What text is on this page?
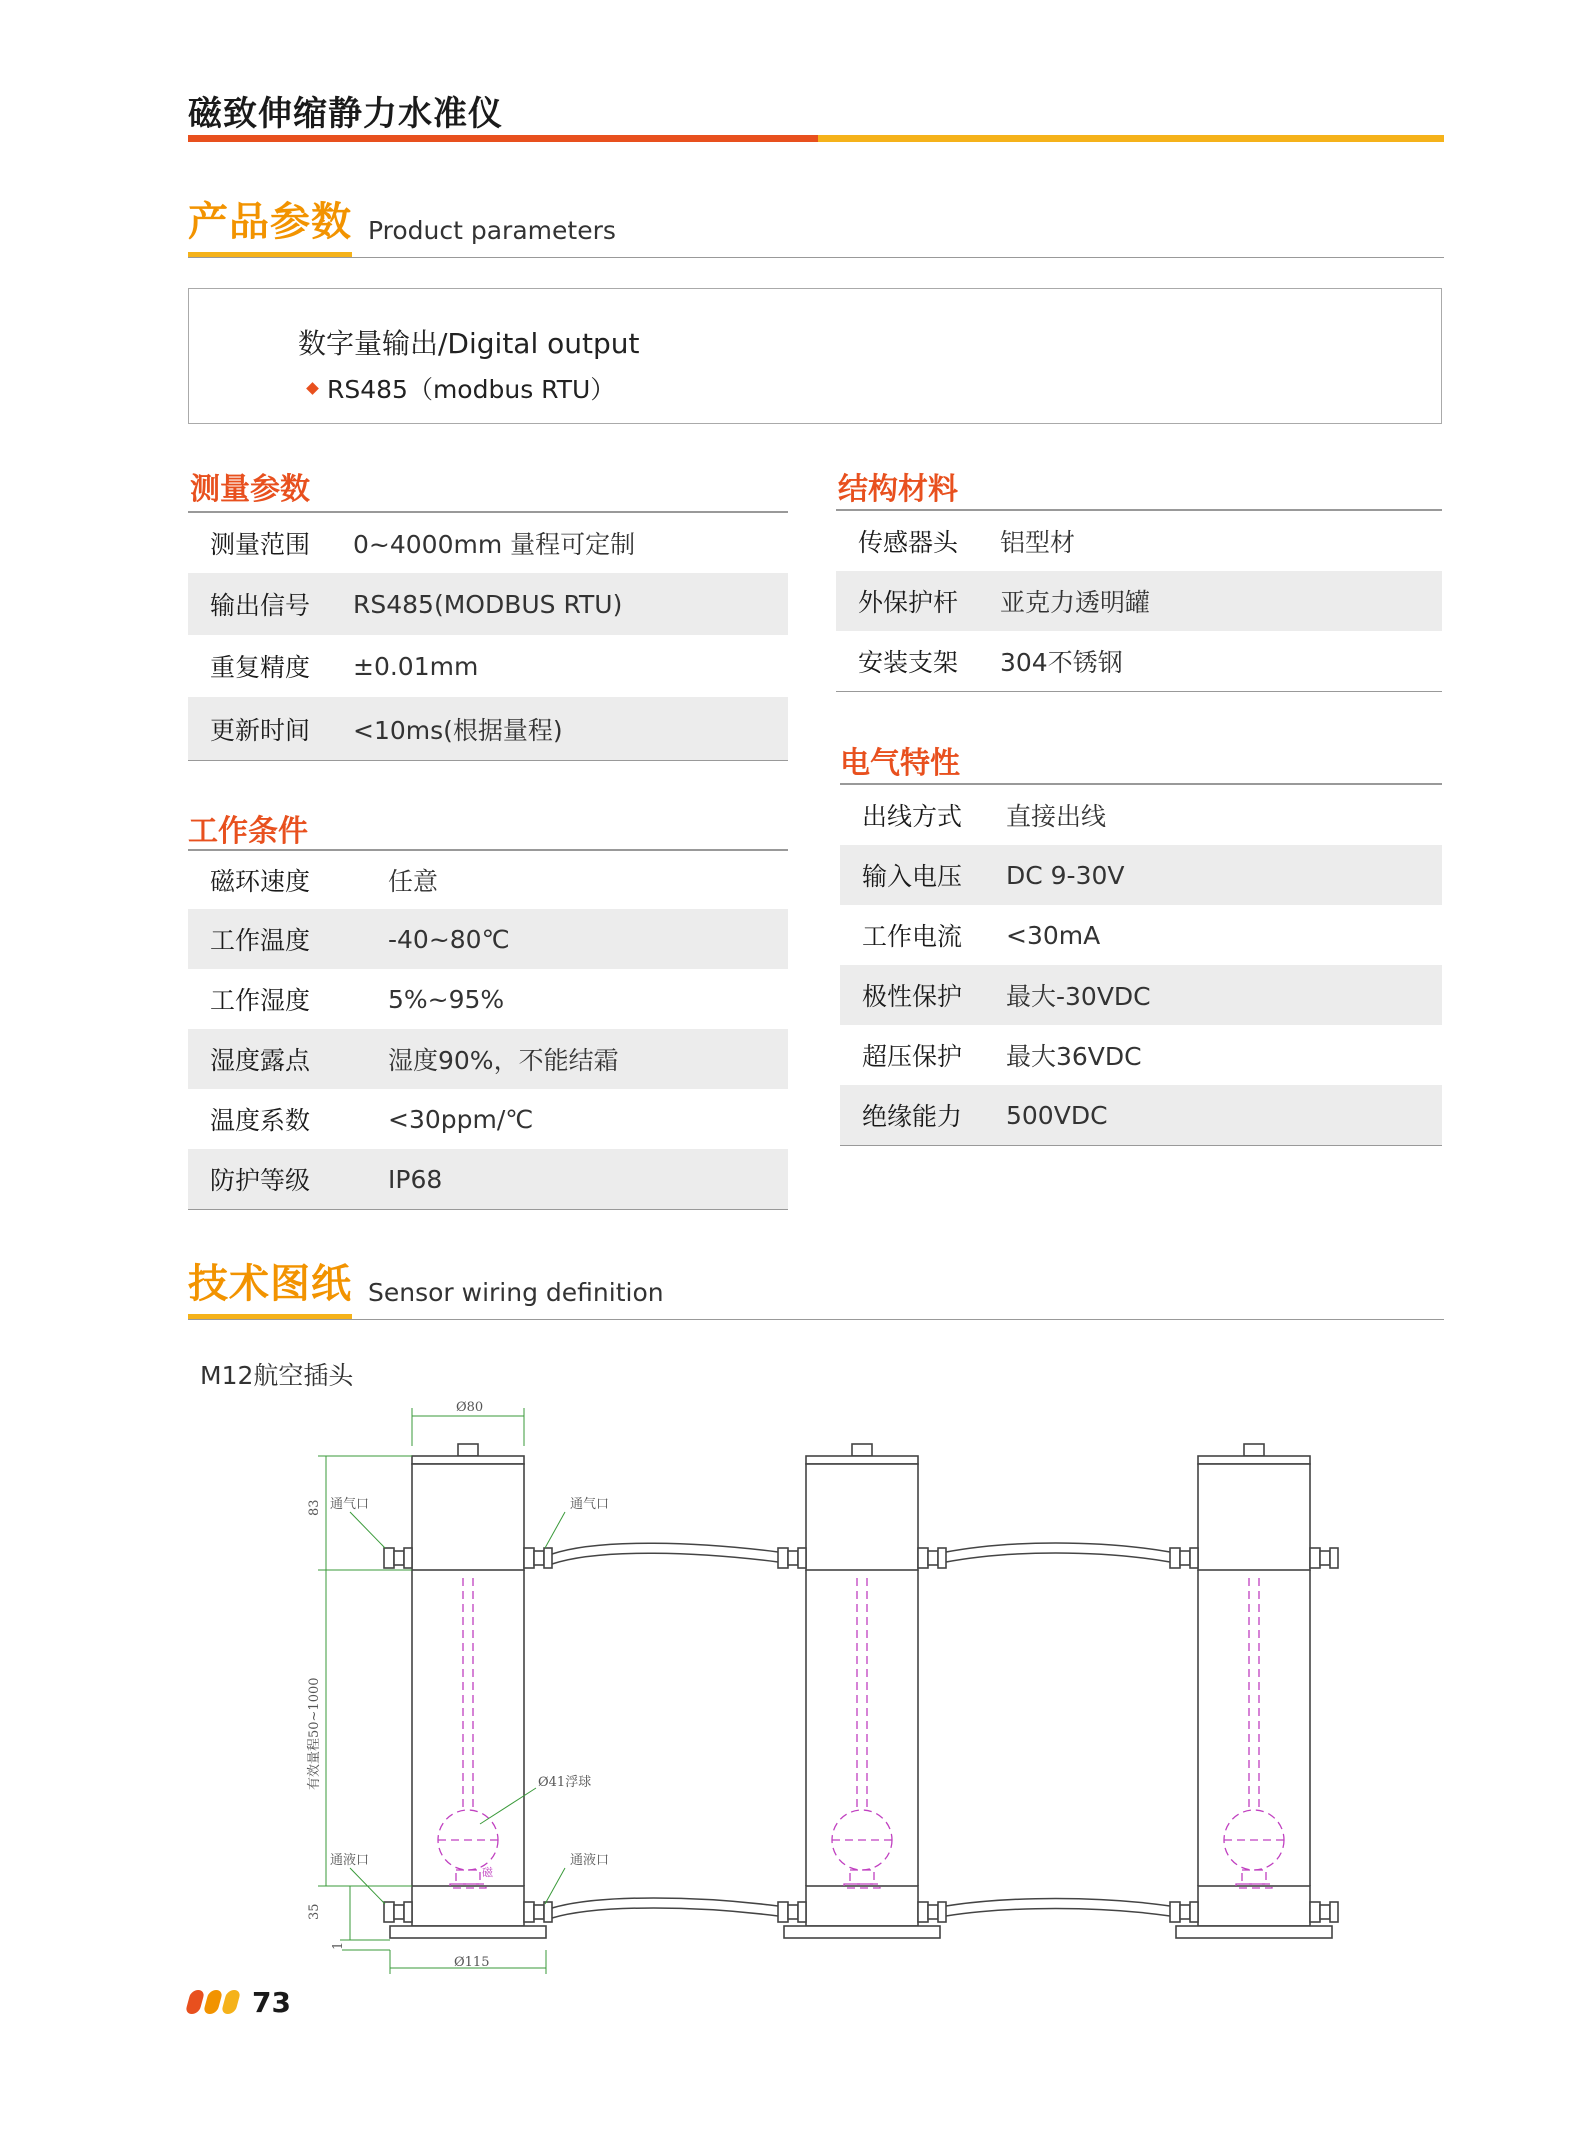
磁致伸缩静力水准仪
产品参数 Product parameters
数字量输出/Digital output
RS485（modbus RTU）
测量参数
测量范围	0~4000mm 量程可定制
输出信号	RS485(MODBUS RTU)
重复精度	±0.01mm
更新时间	<10ms(根据量程)
工作条件
磁环速度	任意
工作温度	-40~80℃
工作湿度	5%~95%
湿度露点	湿度90%，不能结霜
温度系数	<30ppm/℃
防护等级	IP68
结构材料
传感器头	铝型材
外保护杆	亚克力透明罐
安装支架	304不锈钢
电气特性
出线方式	直接出线
输入电压	DC 9-30V
工作电流	<30mA
极性保护	最大-30VDC
超压保护	最大36VDC
绝缘能力	500VDC
技术图纸 Sensor wiring definition
M12航空插头
Ø80
Ø115
通气口	通气口
通液口	通液口
Ø41浮球
83
有效量程50~1000
35
1
磁
73
